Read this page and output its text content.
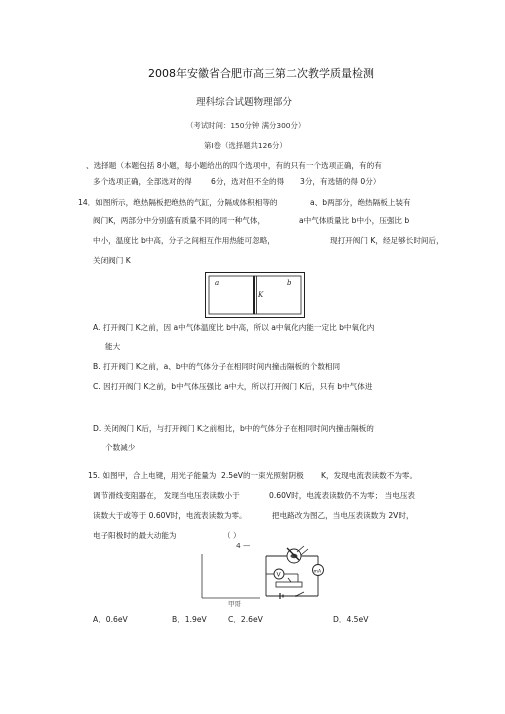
2008年安徽省合肥市高三第二次教学质量检测
理科综合试题物理部分
（考试时间：150分钟 满分300分）
第Ⅰ卷（选择题共126分）
、选择题（本题包括 8小题，每小题给出的四个选项中，有的只有一个选项正确，有的有
多个选项正确，全部选对的得	6分，选对但不全的得 3分，有选错的得 0分）
14．如图所示，绝热隔板把绝热的气缸，分隔成体积相等的	a、b两部分，绝热隔板上装有
阀门K，两部分中分别盛有质量不同的同一种气体，	a中气体质量比 b中小，压强比 b
中小，温度比 b中高，分子之间相互作用热能可忽略，	现打开阀门 K，经足够长时间后，
关闭阀门 K
a	b
K
A. 打开阀门 K之前，因 a中气体温度比 b中高，所以 a中氧化内能一定比 b中氧化内
能大
B. 打开阀门 K之前，a、b中的气体分子在相同时间内撞击隔板的个数相同
C. 因打开阀门 K之前，b中气体压强比 a中大，所以打开阀门 K后，只有 b中气体进
D. 关闭阀门 K后，与打开阀门 K之前相比，b中的气体分子在相同时间内撞击隔板的
个数减少
15. 如图甲，合上电键，用光子能量为 2.5eV的一束光照射阴极 K，发现电流表读数不为零。
调节滑线变阻器在， 发现当电压表读数小于	0.60V时，电流表读数仍不为零； 当电压表
读数大于或等于 0.60V时，电流表读数为零。	把电路改为图乙，当电压表读数为 2V时，
电子阳极时的最大动能为	（ ）
4 —
mA
V
甲哥
A．0.6eV	B．1.9eV	C．2.6eV	D．4.5eV
